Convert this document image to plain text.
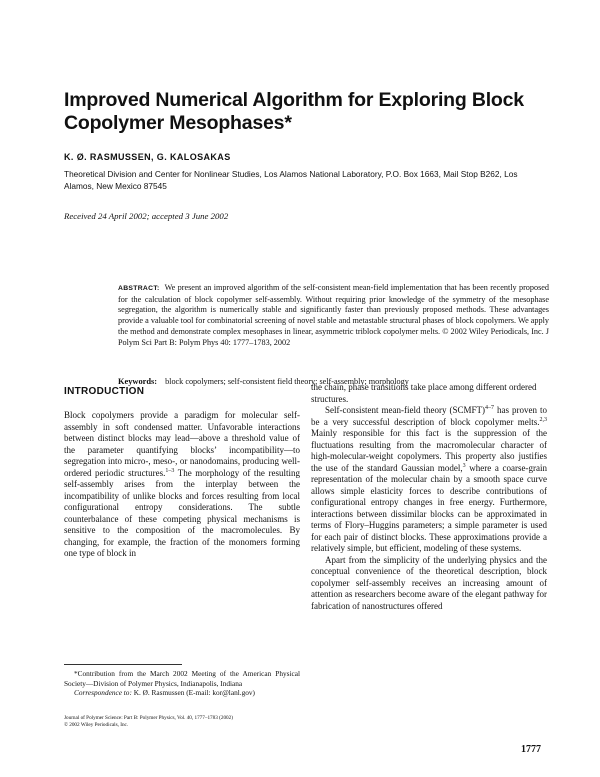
Improved Numerical Algorithm for Exploring Block Copolymer Mesophases*
K. Ø. RASMUSSEN, G. KALOSAKAS
Theoretical Division and Center for Nonlinear Studies, Los Alamos National Laboratory, P.O. Box 1663, Mail Stop B262, Los Alamos, New Mexico 87545
Received 24 April 2002; accepted 3 June 2002
ABSTRACT: We present an improved algorithm of the self-consistent mean-field implementation that has been recently proposed for the calculation of block copolymer self-assembly. Without requiring prior knowledge of the symmetry of the mesophase segregation, the algorithm is numerically stable and significantly faster than previously proposed methods. These advantages provide a valuable tool for combinatorial screening of novel stable and metastable structural phases of block copolymers. We apply the method and demonstrate complex mesophases in linear, asymmetric triblock copolymer melts. © 2002 Wiley Periodicals, Inc. J Polym Sci Part B: Polym Phys 40: 1777–1783, 2002
Keywords: block copolymers; self-consistent field theory; self-assembly; morphology
INTRODUCTION

Block copolymers provide a paradigm for molecular self-assembly in soft condensed matter. Unfavorable interactions between distinct blocks may lead—above a threshold value of the parameter quantifying blocks’ incompatibility—to segregation into micro-, meso-, or nanodomains, producing well-ordered periodic structures.$^{1-3}$ The morphology of the resulting self-assembly arises from the interplay between the incompatibility of unlike blocks and forces resulting from local configurational entropy considerations. The subtle counterbalance of these competing physical mechanisms is sensitive to the composition of the macromolecules. By changing, for example, the fraction of the monomers forming one type of block in

the chain, phase transitions take place among different ordered structures.

Self-consistent mean-field theory (SCMFT)$^{4-7}$ has proven to be a very successful description of block copolymer melts.$^{2,3}$ Mainly responsible for this fact is the suppression of the fluctuations resulting from the macromolecular character of high-molecular-weight copolymers. This property also justifies the use of the standard Gaussian model,$^3$ where a coarse-grain representation of the molecular chain by a smooth space curve allows simple elasticity forces to describe contributions of configurational entropy changes in free energy. Furthermore, interactions between dissimilar blocks can be approximated in terms of Flory–Huggins parameters; a simple parameter is used for each pair of distinct blocks. These approximations provide a relatively simple, but efficient, modeling of these systems.

Apart from the simplicity of the underlying physics and the conceptual convenience of the theoretical description, block copolymer self-assembly receives an increasing amount of attention as researchers become aware of the elegant pathway for fabrication of nanostructures offered

*Contribution from the March 2002 Meeting of the American Physical Society—Division of Polymer Physics, Indianapolis, Indiana

Correspondence to: K. Ø. Rasmussen (E-mail: kor@lanl.gov)

Journal of Polymer Science: Part B: Polymer Physics, Vol. 40, 1777–1783 (2002)
© 2002 Wiley Periodicals, Inc.
1777
